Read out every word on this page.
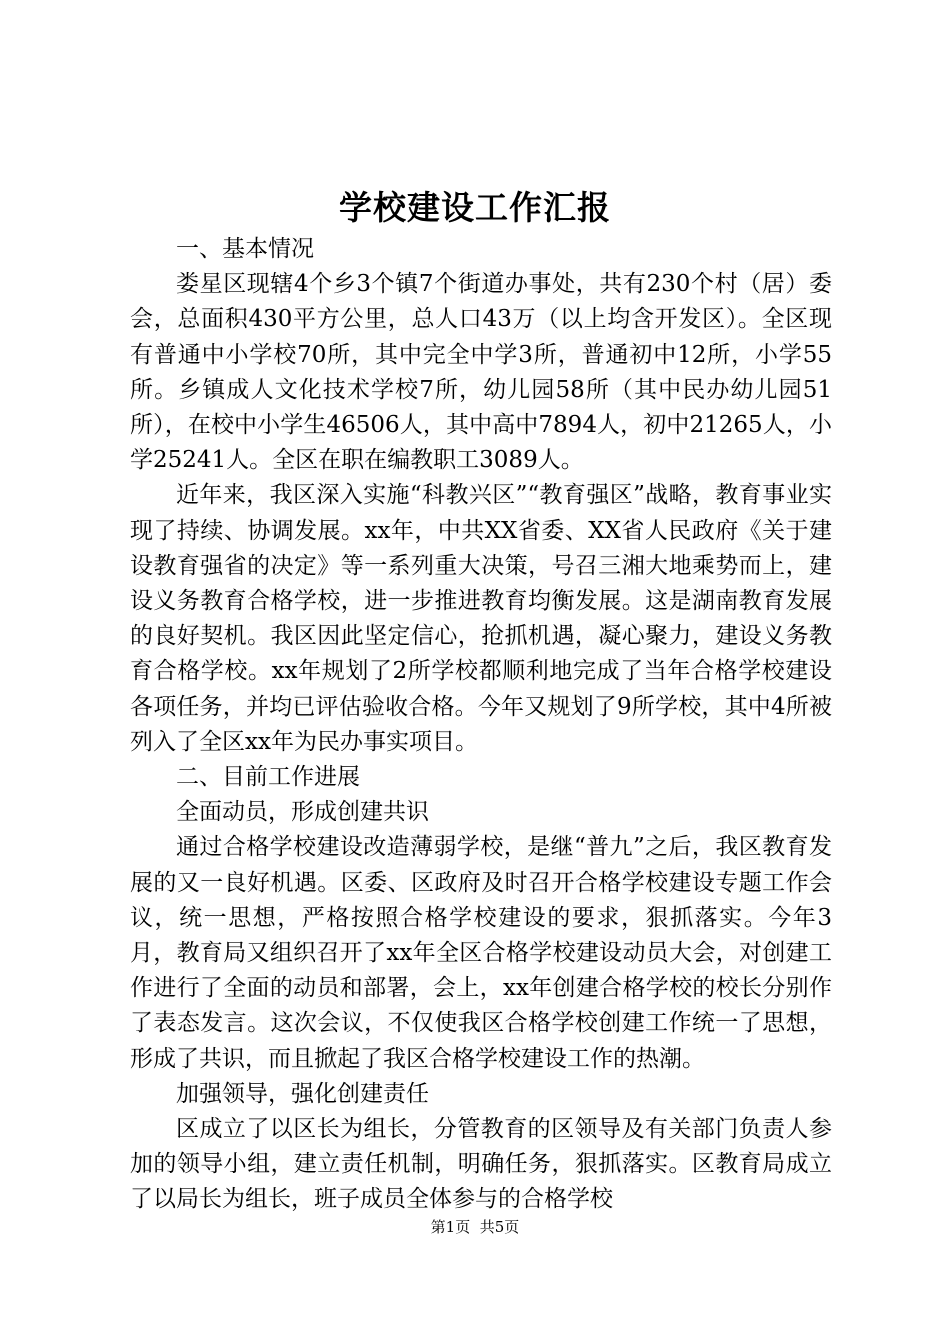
学校建设工作汇报

一、基本情况

娄星区现辖4个乡3个镇7个街道办事处，共有230个村（居）委会，总面积430平方公里，总人口43万（以上均含开发区）。全区现有普通中小学校70所，其中完全中学3所，普通初中12所，小学55所。乡镇成人文化技术学校7所，幼儿园58所（其中民办幼儿园51所），在校中小学生46506人，其中高中7894人，初中21265人，小学25241人。全区在职在编教职工3089人。

近年来，我区深入实施“科教兴区”“教育强区”战略，教育事业实现了持续、协调发展。xx年，中共XX省委、XX省人民政府《关于建设教育强省的决定》等一系列重大决策，号召三湘大地乘势而上，建设义务教育合格学校，进一步推进教育均衡发展。这是湖南教育发展的良好契机。我区因此坚定信心，抢抓机遇，凝心聚力，建设义务教育合格学校。xx年规划了2所学校都顺利地完成了当年合格学校建设各项任务，并均已评估验收合格。今年又规划了9所学校，其中4所被列入了全区xx年为民办事实项目。

二、目前工作进展

全面动员，形成创建共识

通过合格学校建设改造薄弱学校，是继“普九”之后，我区教育发展的又一良好机遇。区委、区政府及时召开合格学校建设专题工作会议，统一思想，严格按照合格学校建设的要求，狠抓落实。今年3月，教育局又组织召开了xx年全区合格学校建设动员大会，对创建工作进行了全面的动员和部署，会上，xx年创建合格学校的校长分别作了表态发言。这次会议，不仅使我区合格学校创建工作统一了思想，形成了共识，而且掀起了我区合格学校建设工作的热潮。

加强领导，强化创建责任

区成立了以区长为组长，分管教育的区领导及有关部门负责人参加的领导小组，建立责任机制，明确任务，狠抓落实。区教育局成立了以局长为组长，班子成员全体参与的合格学校

第1页 共5页
